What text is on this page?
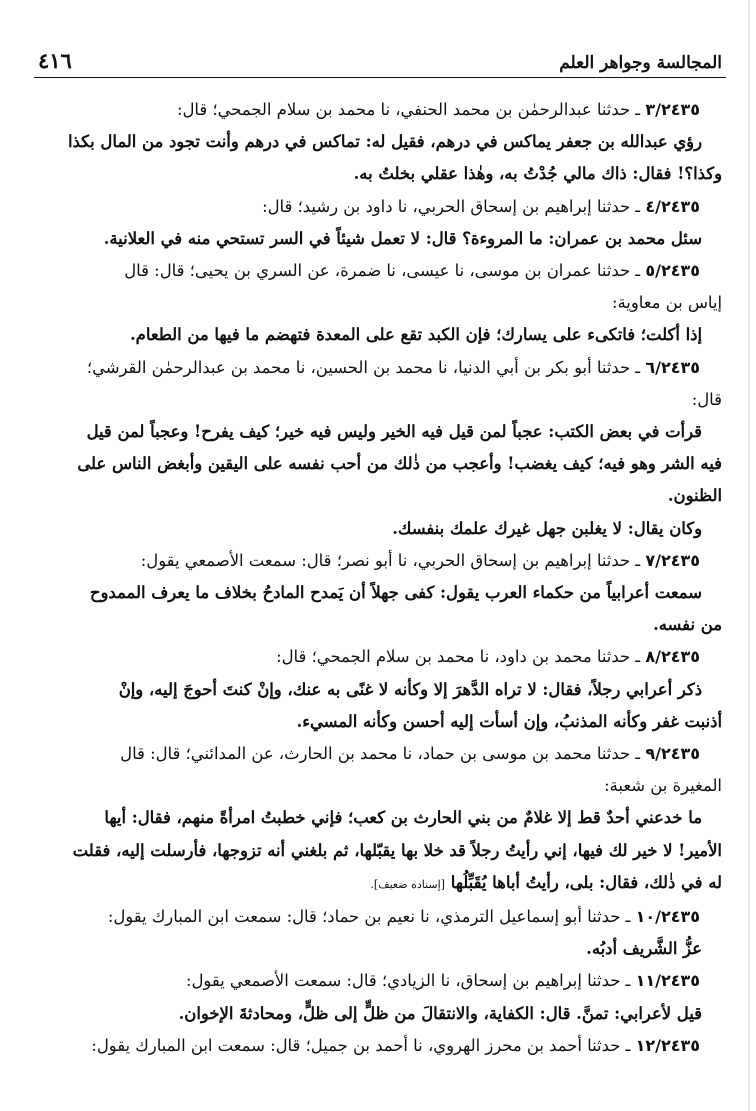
المجالسة وجواهر العلم
٤١٦
٣/٢٤٣٥ ـ حدثنا عبدالرحمٰن بن محمد الحنفي، نا محمد بن سلام الجمحي؛ قال:
رؤي عبدالله بن جعفر يماكس في درهم، فقيل له: تماكس في درهم وأنت تجود من المال بكذا
وكذا؟! فقال: ذاك مالي جُدْتُ به، وهٰذا عقلي بخلتُ به.
٤/٢٤٣٥ ـ حدثنا إبراهيم بن إسحاق الحربي، نا داود بن رشيد؛ قال:
سئل محمد بن عمران: ما المروءة؟ قال: لا تعمل شيئاً في السر تستحي منه في العلانية.
٥/٢٤٣٥ ـ حدثنا عمران بن موسى، نا عيسى، نا ضمرة، عن السري بن يحيى؛ قال: قال
إياس بن معاوية:
إذا أكلت؛ فاتكىء على يسارك؛ فإن الكبد تقع على المعدة فتهضم ما فيها من الطعام.
٦/٢٤٣٥ ـ حدثنا أبو بكر بن أبي الدنيا، نا محمد بن الحسين، نا محمد بن عبدالرحمٰن القرشي؛
قال:
قرأت في بعض الكتب: عجباً لمن قيل فيه الخير وليس فيه خير؛ كيف يفرح! وعجباً لمن قيل
فيه الشر وهو فيه؛ كيف يغضب! وأعجب من ذٰلك من أحب نفسه على اليقين وأبغض الناس على
الظنون.
وكان يقال: لا يغلبن جهل غيرك علمك بنفسك.
٧/٢٤٣٥ ـ حدثنا إبراهيم بن إسحاق الحربي، نا أبو نصر؛ قال: سمعت الأصمعي يقول:
سمعت أعرابياً من حكماء العرب يقول: كفى جهلاً أن يَمدح المادحُ بخلاف ما يعرف الممدوح
من نفسه.
٨/٢٤٣٥ ـ حدثنا محمد بن داود، نا محمد بن سلام الجمحي؛ قال:
ذكر أعرابي رجلاً، فقال: لا تراه الدَّهرَ إلا وكأنه لا غنًى به عنك، وإنْ كنتَ أحوجَ إليه، وإنْ
أذنبت غفر وكأنه المذنبُ، وإن أسأت إليه أحسن وكأنه المسيء.
٩/٢٤٣٥ ـ حدثنا محمد بن موسى بن حماد، نا محمد بن الحارث، عن المدائني؛ قال: قال
المغيرة بن شعبة:
ما خدعني أحدٌ قط إلا غلامٌ من بني الحارث بن كعب؛ فإني خطبتُ امرأةً منهم، فقال: أيها
الأمير! لا خير لك فيها، إني رأيتُ رجلاً قد خلا بها يقبّلها، ثم بلغني أنه تزوجها، فأرسلت إليه، فقلت
له في ذٰلك، فقال: بلى، رأيتُ أباها يُقَبِّلُها [إسناده ضعيف].
١٠/٢٤٣٥ ـ حدثنا أبو إسماعيل الترمذي، نا نعيم بن حماد؛ قال: سمعت ابن المبارك يقول:
عزُّ الشَّريف أدبُه.
١١/٢٤٣٥ ـ حدثنا إبراهيم بن إسحاق، نا الزيادي؛ قال: سمعت الأصمعي يقول:
قيل لأعرابي: تمنَّ. قال: الكفاية، والانتقالَ من ظلٍّ إلى ظلٍّ، ومحادثةَ الإخوان.
١٢/٢٤٣٥ ـ حدثنا أحمد بن محرز الهروي، نا أحمد بن جميل؛ قال: سمعت ابن المبارك يقول:
